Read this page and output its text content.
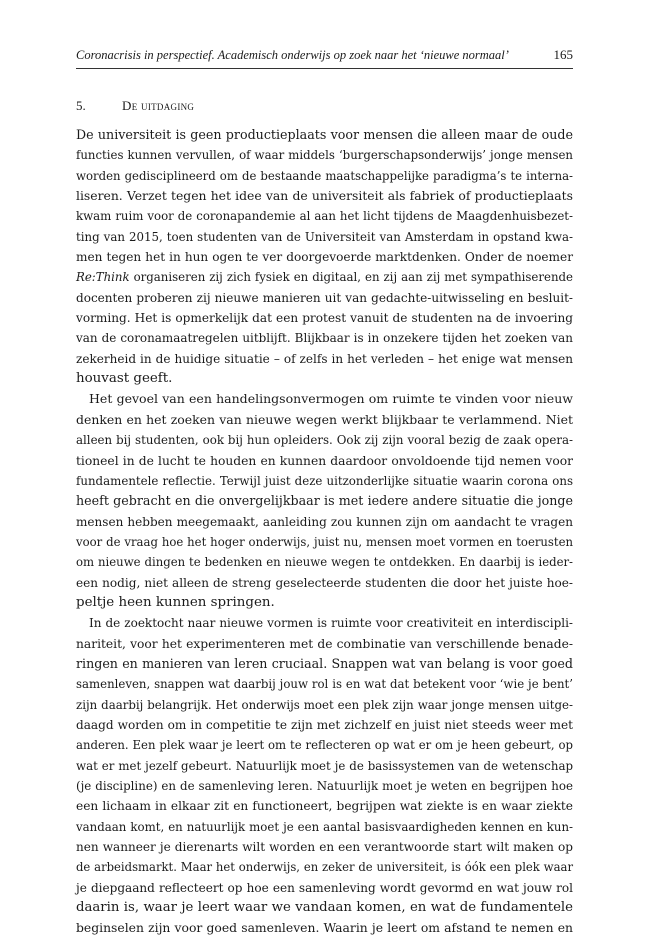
Coronacrisis in perspectief. Academisch onderwijs op zoek naar het ‘nieuwe normaal’	165
5.	De uitdaging
De universiteit is geen productieplaats voor mensen die alleen maar de oude
functies kunnen vervullen, of waar middels ‘burgerschapsonderwijs’ jonge mensen
worden gedisciplineerd om de bestaande maatschappelijke paradigma’s te interna-
liseren. Verzet tegen het idee van de universiteit als fabriek of productieplaats
kwam ruim voor de coronapandemie al aan het licht tijdens de Maagdenhuisbezet-
ting van 2015, toen studenten van de Universiteit van Amsterdam in opstand kwa-
men tegen het in hun ogen te ver doorgevoerde marktdenken. Onder de noemer
Re:Think organiseren zij zich fysiek en digitaal, en zij aan zij met sympathiserende
docenten proberen zij nieuwe manieren uit van gedachte-uitwisseling en besluit-
vorming. Het is opmerkelijk dat een protest vanuit de studenten na de invoering
van de coronamaatregelen uitblijft. Blijkbaar is in onzekere tijden het zoeken van
zekerheid in de huidige situatie – of zelfs in het verleden – het enige wat mensen
houvast geeft.
Het gevoel van een handelingsonvermogen om ruimte te vinden voor nieuw
denken en het zoeken van nieuwe wegen werkt blijkbaar te verlammend. Niet
alleen bij studenten, ook bij hun opleiders. Ook zij zijn vooral bezig de zaak opera-
tioneel in de lucht te houden en kunnen daardoor onvoldoende tijd nemen voor
fundamentele reflectie. Terwijl juist deze uitzonderlijke situatie waarin corona ons
heeft gebracht en die onvergelijkbaar is met iedere andere situatie die jonge
mensen hebben meegemaakt, aanleiding zou kunnen zijn om aandacht te vragen
voor de vraag hoe het hoger onderwijs, juist nu, mensen moet vormen en toerusten
om nieuwe dingen te bedenken en nieuwe wegen te ontdekken. En daarbij is ieder-
een nodig, niet alleen de streng geselecteerde studenten die door het juiste hoe-
peltje heen kunnen springen.
In de zoektocht naar nieuwe vormen is ruimte voor creativiteit en interdiscipli-
nariteit, voor het experimenteren met de combinatie van verschillende benade-
ringen en manieren van leren cruciaal. Snappen wat van belang is voor goed
samenleven, snappen wat daarbij jouw rol is en wat dat betekent voor ‘wie je bent’
zijn daarbij belangrijk. Het onderwijs moet een plek zijn waar jonge mensen uitge-
daagd worden om in competitie te zijn met zichzelf en juist niet steeds weer met
anderen. Een plek waar je leert om te reflecteren op wat er om je heen gebeurt, op
wat er met jezelf gebeurt. Natuurlijk moet je de basissystemen van de wetenschap
(je discipline) en de samenleving leren. Natuurlijk moet je weten en begrijpen hoe
een lichaam in elkaar zit en functioneert, begrijpen wat ziekte is en waar ziekte
vandaan komt, en natuurlijk moet je een aantal basisvaardigheden kennen en kun-
nen wanneer je dierenarts wilt worden en een verantwoorde start wilt maken op
de arbeidsmarkt. Maar het onderwijs, en zeker de universiteit, is óók een plek waar
je diepgaand reflecteert op hoe een samenleving wordt gevormd en wat jouw rol
daarin is, waar je leert waar we vandaan komen, en wat de fundamentele
beginselen zijn voor goed samenleven. Waarin je leert om afstand te nemen en
